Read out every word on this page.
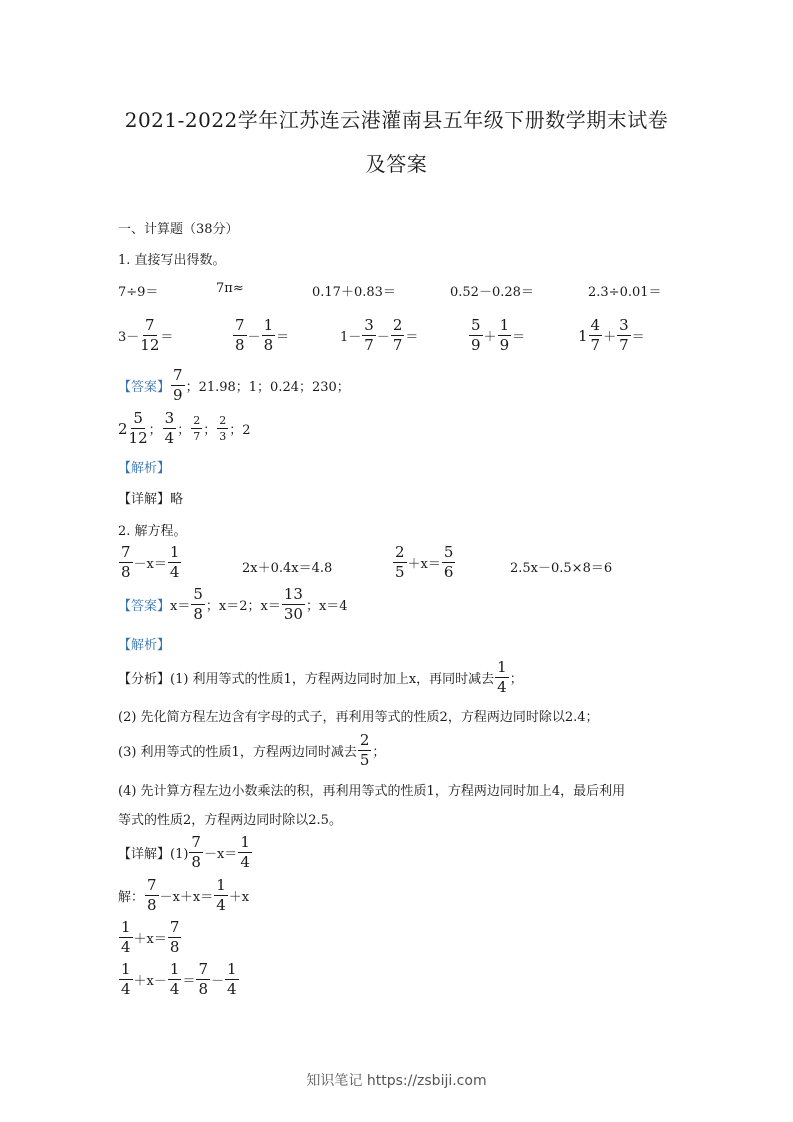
2021-2022学年江苏连云港灌南县五年级下册数学期末试卷
及答案
一、计算题（38分）
1. 直接写出得数。
7÷9＝	7π≈	0.17＋0.83＝	0.52－0.28＝	2.3÷0.01＝
$3- \frac{7}{12}$ ＝	$\frac{7}{8} - \frac{1}{8}$ ＝	$1- \frac{3}{7} - \frac{2}{7}$ ＝	$\frac{5}{9} + \frac{1}{9}$ ＝	$1 \frac{4}{7} + \frac{3}{7}$ ＝
【答案】 $\frac{7}{9}$ ；21.98；1；0.24；230；
$2 \frac{5}{12}$ ； $\frac{3}{4}$ ； $\frac{2}{7}$ ； $\frac{2}{3}$ ；2
【解析】
【详解】略
2. 解方程。
$\frac{7}{8} -x= \frac{1}{4}$	2x＋0.4x＝4.8	$\frac{2}{5} +x= \frac{5}{6}$	2.5x－0.5×8＝6
【答案】 $x= \frac{5}{8}$ ；x＝2；$x= \frac{13}{30}$ ；x＝4
【解析】
【分析】(1) 利用等式的性质1，方程两边同时加上x，再同时减去 $\frac{1}{4}$ ；
(2) 先化简方程左边含有字母的式子，再利用等式的性质2，方程两边同时除以2.4；
(3) 利用等式的性质1，方程两边同时减去 $\frac{2}{5}$ ；
(4) 先计算方程左边小数乘法的积，再利用等式的性质1，方程两边同时加上4，最后利用
等式的性质2，方程两边同时除以2.5。
【详解】$(1) \frac{7}{8} -x= \frac{1}{4}$
解： $\frac{7}{8} -x+x= \frac{1}{4} +x$
$\frac{1}{4} +x= \frac{7}{8}$
$\frac{1}{4} +x- \frac{1}{4} = \frac{7}{8} - \frac{1}{4}$
知识笔记 https://zsbiji.com
